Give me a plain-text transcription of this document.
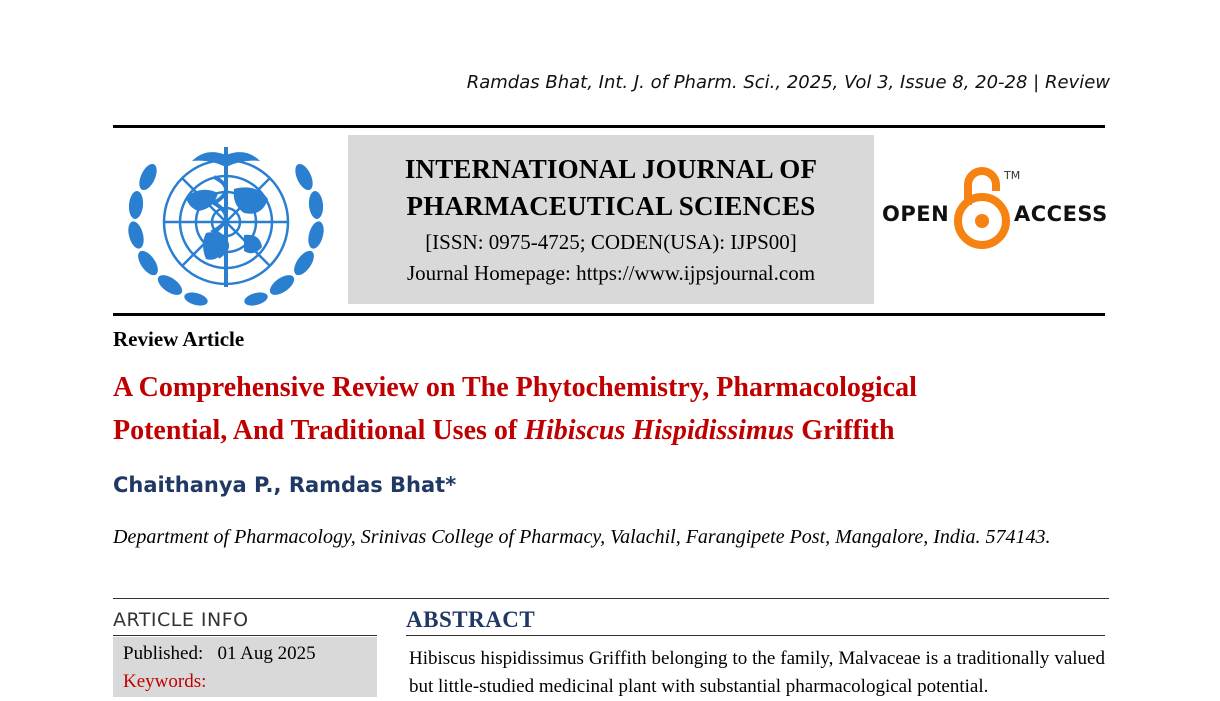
Ramdas Bhat, Int. J. of Pharm. Sci., 2025, Vol 3, Issue 8, 20-28 | Review
INTERNATIONAL JOURNAL OF
PHARMACEUTICAL SCIENCES
[ISSN: 0975-4725; CODEN(USA): IJPS00]
Journal Homepage: https://www.ijpsjournal.com
OPEN
TM
ACCESS
Review Article
A Comprehensive Review on The Phytochemistry, Pharmacological
Potential, And Traditional Uses of Hibiscus Hispidissimus Griffith
Chaithanya P., Ramdas Bhat*
Department of Pharmacology, Srinivas College of Pharmacy, Valachil, Farangipete Post, Mangalore, India. 574143.
ARTICLE INFO
Published: 01 Aug 2025
Keywords:
ABSTRACT
Hibiscus hispidissimus Griffith belonging to the family, Malvaceae is a traditionally valued but little-studied medicinal plant with substantial pharmacological potential.
